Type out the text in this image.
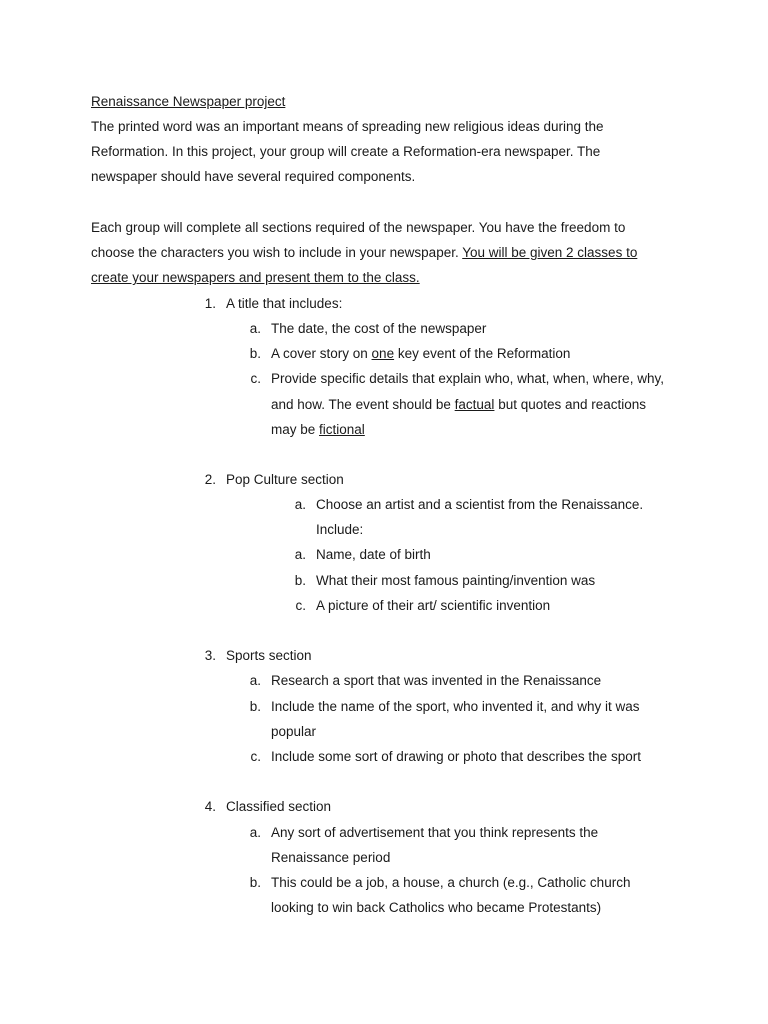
Renaissance Newspaper project
The printed word was an important means of spreading new religious ideas during the
Reformation. In this project, your group will create a Reformation-era newspaper. The
newspaper should have several required components.
Each group will complete all sections required of the newspaper. You have the freedom to
choose the characters you wish to include in your newspaper. You will be given 2 classes to
create your newspapers and present them to the class.
1. A title that includes:
a. The date, the cost of the newspaper
b. A cover story on one key event of the Reformation
c. Provide specific details that explain who, what, when, where, why,
and how. The event should be factual but quotes and reactions
may be fictional
2. Pop Culture section
a. Choose an artist and a scientist from the Renaissance.
Include:
a. Name, date of birth
b. What their most famous painting/invention was
c. A picture of their art/ scientific invention
3. Sports section
a. Research a sport that was invented in the Renaissance
b. Include the name of the sport, who invented it, and why it was
popular
c. Include some sort of drawing or photo that describes the sport
4. Classified section
a. Any sort of advertisement that you think represents the
Renaissance period
b. This could be a job, a house, a church (e.g., Catholic church
looking to win back Catholics who became Protestants)
